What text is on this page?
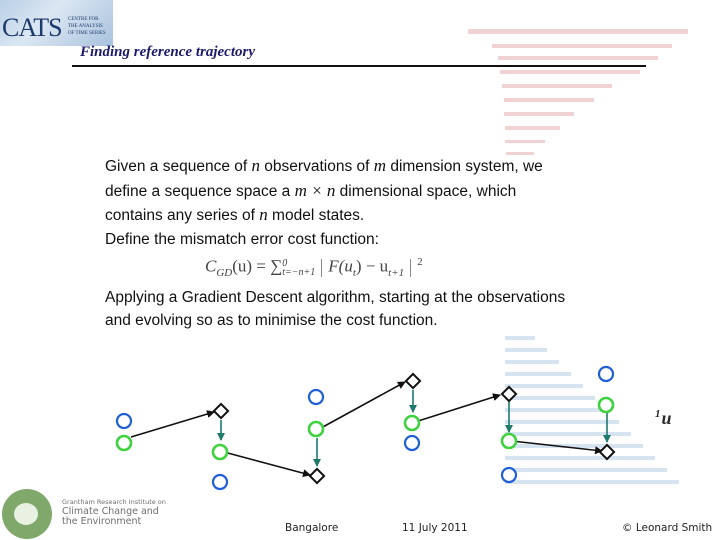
CATS CENTRE FOR
THE ANALYSIS
OF TIME SERIES
Finding reference trajectory
Given a sequence of n observations of m dimension system, we
define a sequence space a m × n dimensional space, which
contains any series of n model states.
Define the mismatch error cost function:
$C_{GD}(u)$ = ∑ 0
t=−n+1 $F(u_t) - u_{t+1}^2$
Applying a Gradient Descent algorithm, starting at the observations
and evolving so as to minimise the cost function.
$^1$u
Grantham Research Institute on
Climate Change and
the Environment
Bangalore	11 July 2011	© Leonard Smith
